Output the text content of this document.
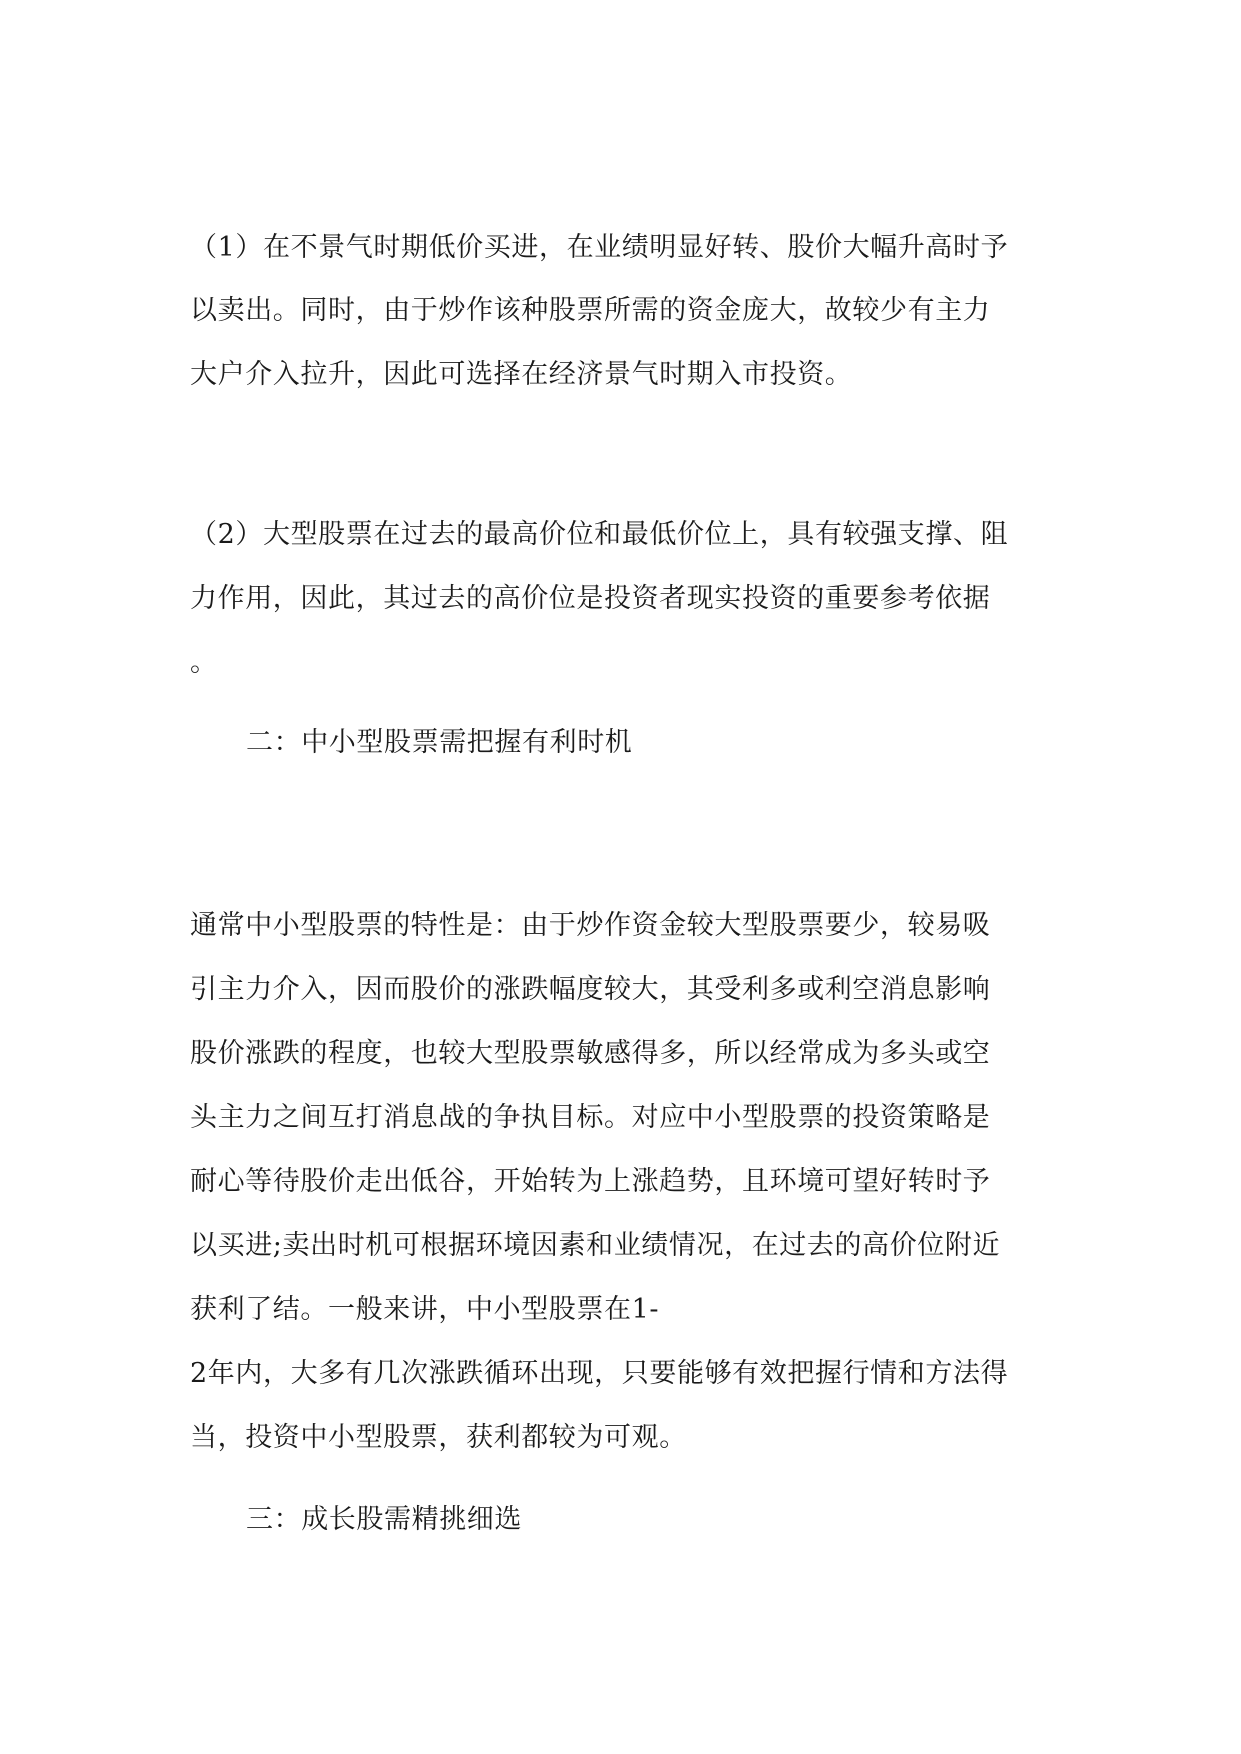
（1）在不景气时期低价买进，在业绩明显好转、股价大幅升高时予
以卖出。同时，由于炒作该种股票所需的资金庞大，故较少有主力
大户介入拉升，因此可选择在经济景气时期入市投资。
（2）大型股票在过去的最高价位和最低价位上，具有较强支撑、阻
力作用，因此，其过去的高价位是投资者现实投资的重要参考依据
。
二：中小型股票需把握有利时机
通常中小型股票的特性是：由于炒作资金较大型股票要少，较易吸
引主力介入，因而股价的涨跌幅度较大，其受利多或利空消息影响
股价涨跌的程度，也较大型股票敏感得多，所以经常成为多头或空
头主力之间互打消息战的争执目标。对应中小型股票的投资策略是
耐心等待股价走出低谷，开始转为上涨趋势，且环境可望好转时予
以买进;卖出时机可根据环境因素和业绩情况，在过去的高价位附近
获利了结。一般来讲，中小型股票在1-
2年内，大多有几次涨跌循环出现，只要能够有效把握行情和方法得
当，投资中小型股票，获利都较为可观。
三：成长股需精挑细选
